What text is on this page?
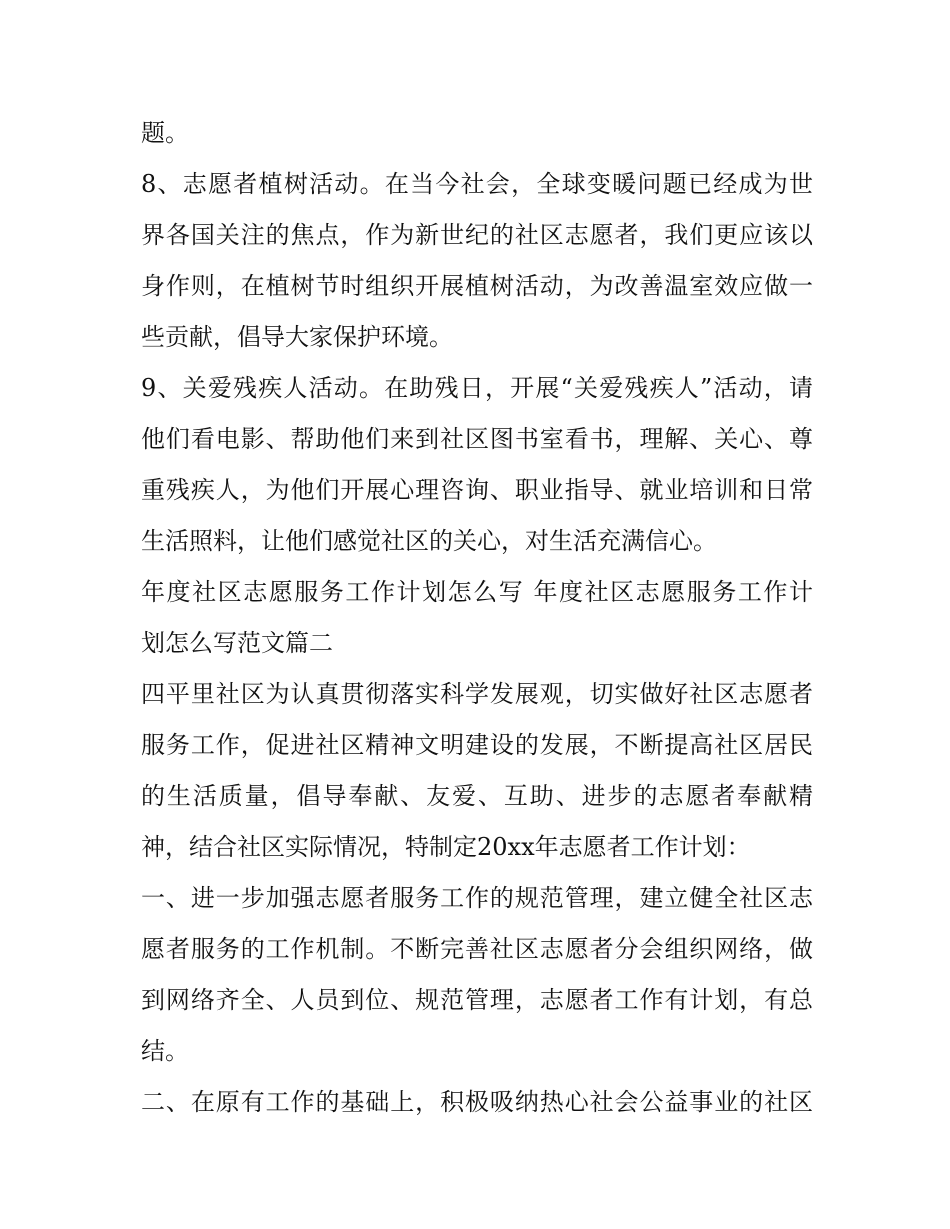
题。
8、志愿者植树活动。在当今社会，全球变暖问题已经成为世
界各国关注的焦点，作为新世纪的社区志愿者，我们更应该以
身作则，在植树节时组织开展植树活动，为改善温室效应做一
些贡献，倡导大家保护环境。
9、关爱残疾人活动。在助残日，开展“关爱残疾人”活动，请
他们看电影、帮助他们来到社区图书室看书，理解、关心、尊
重残疾人，为他们开展心理咨询、职业指导、就业培训和日常
生活照料，让他们感觉社区的关心，对生活充满信心。
年度社区志愿服务工作计划怎么写 年度社区志愿服务工作计
划怎么写范文篇二
四平里社区为认真贯彻落实科学发展观，切实做好社区志愿者
服务工作，促进社区精神文明建设的发展，不断提高社区居民
的生活质量，倡导奉献、友爱、互助、进步的志愿者奉献精
神，结合社区实际情况，特制定20xx年志愿者工作计划：
一、进一步加强志愿者服务工作的规范管理，建立健全社区志
愿者服务的工作机制。不断完善社区志愿者分会组织网络，做
到网络齐全、人员到位、规范管理，志愿者工作有计划，有总
结。
二、在原有工作的基础上，积极吸纳热心社会公益事业的社区
